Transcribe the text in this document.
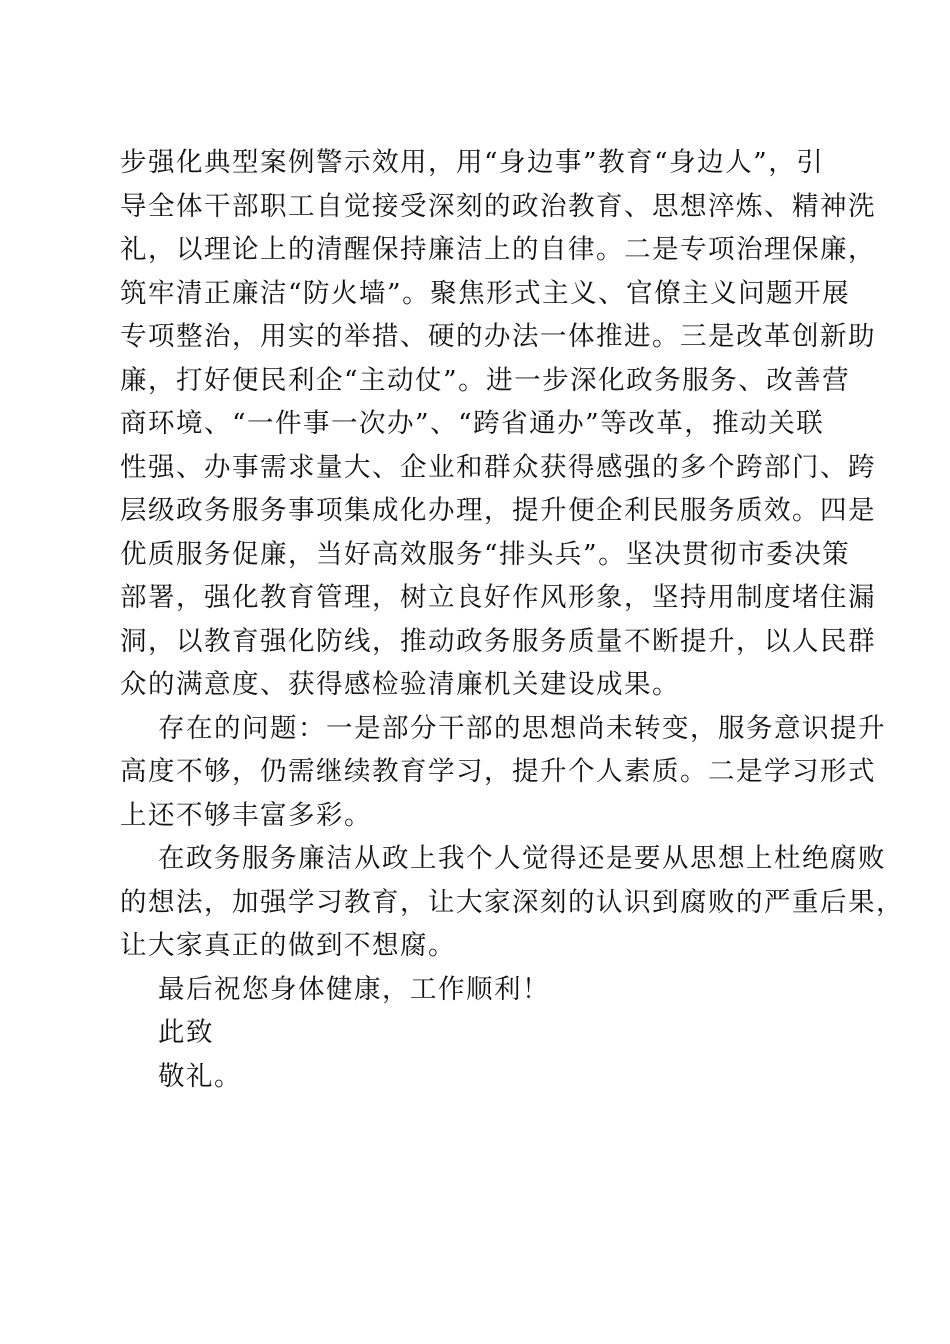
步强化典型案例警示效用，用“身边事”教育“身边人”，引
导全体干部职工自觉接受深刻的政治教育、思想淬炼、精神洗
礼，以理论上的清醒保持廉洁上的自律。二是专项治理保廉，
筑牢清正廉洁“防火墙”。聚焦形式主义、官僚主义问题开展
专项整治，用实的举措、硬的办法一体推进。三是改革创新助
廉，打好便民利企“主动仗”。进一步深化政务服务、改善营
商环境、“一件事一次办”、“跨省通办”等改革，推动关联
性强、办事需求量大、企业和群众获得感强的多个跨部门、跨
层级政务服务事项集成化办理，提升便企利民服务质效。四是
优质服务促廉，当好高效服务“排头兵”。坚决贯彻市委决策
部署，强化教育管理，树立良好作风形象，坚持用制度堵住漏
洞，以教育强化防线，推动政务服务质量不断提升，以人民群
众的满意度、获得感检验清廉机关建设成果。
存在的问题：一是部分干部的思想尚未转变，服务意识提升
高度不够，仍需继续教育学习，提升个人素质。二是学习形式
上还不够丰富多彩。
在政务服务廉洁从政上我个人觉得还是要从思想上杜绝腐败
的想法，加强学习教育，让大家深刻的认识到腐败的严重后果，
让大家真正的做到不想腐。
最后祝您身体健康，工作顺利！
此致
敬礼。
